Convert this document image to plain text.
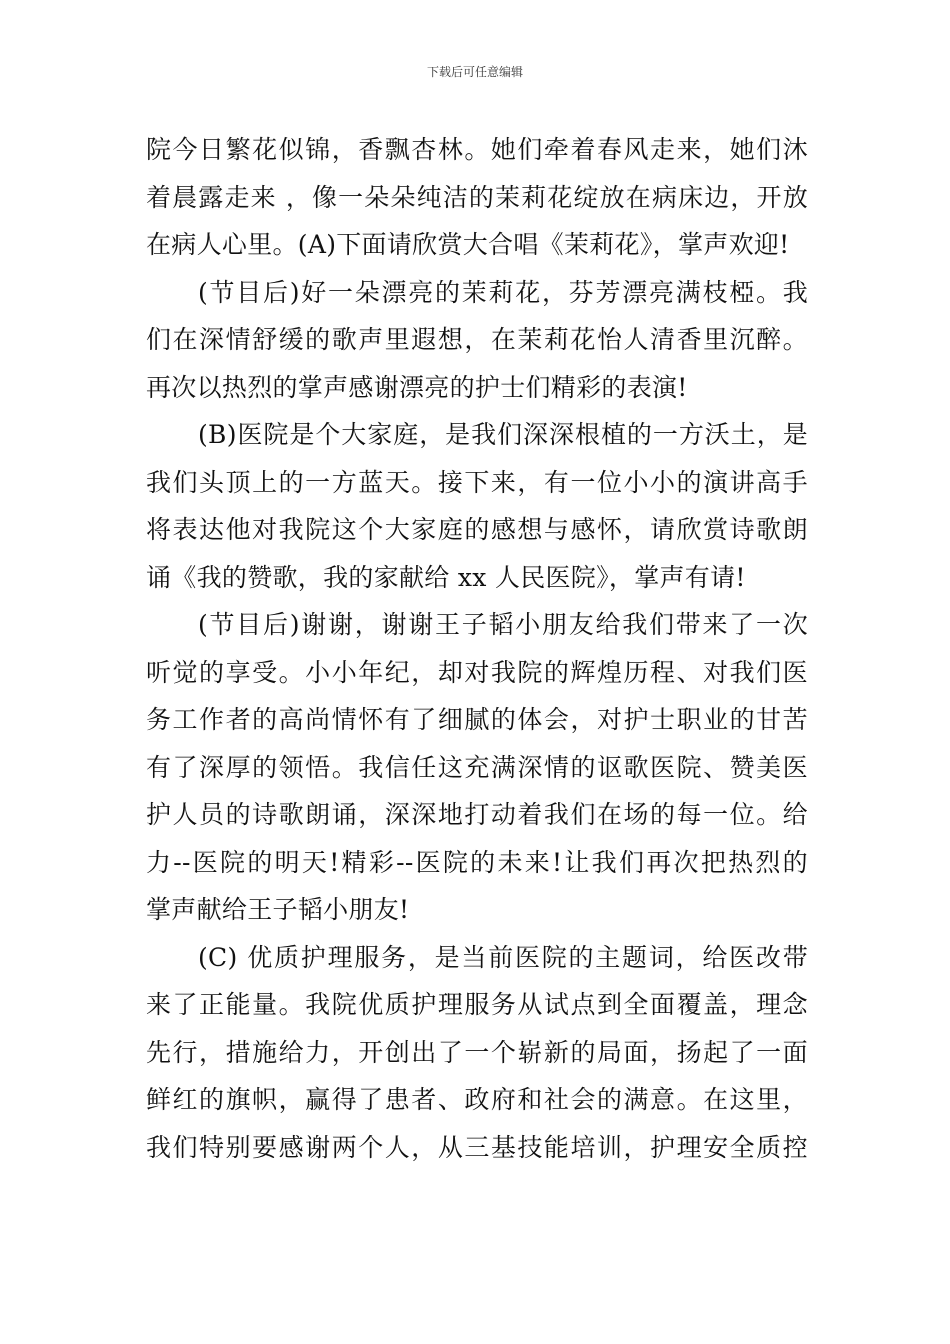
下载后可任意编辑
院今日繁花似锦，香飘杏林。她们牵着春风走来，她们沐
着晨露走来 ，像一朵朵纯洁的茉莉花绽放在病床边，开放
在病人心里。(A)下面请欣赏大合唱《茉莉花》，掌声欢迎!
(节目后)好一朵漂亮的茉莉花，芬芳漂亮满枝椏。我
们在深情舒缓的歌声里遐想，在茉莉花怡人清香里沉醉。
再次以热烈的掌声感谢漂亮的护士们精彩的表演!
(B)医院是个大家庭，是我们深深根植的一方沃土，是
我们头顶上的一方蓝天。接下来，有一位小小的演讲高手
将表达他对我院这个大家庭的感想与感怀，请欣赏诗歌朗
诵《我的赞歌，我的家献给 xx 人民医院》，掌声有请!
(节目后)谢谢，谢谢王子韬小朋友给我们带来了一次
听觉的享受。小小年纪，却对我院的辉煌历程、对我们医
务工作者的高尚情怀有了细腻的体会，对护士职业的甘苦
有了深厚的领悟。我信任这充满深情的讴歌医院、赞美医
护人员的诗歌朗诵，深深地打动着我们在场的每一位。给
力--医院的明天!精彩--医院的未来!让我们再次把热烈的
掌声献给王子韬小朋友!
(C) 优质护理服务，是当前医院的主题词，给医改带
来了正能量。我院优质护理服务从试点到全面覆盖，理念
先行，措施给力，开创出了一个崭新的局面，扬起了一面
鲜红的旗帜，赢得了患者、政府和社会的满意。在这里，
我们特别要感谢两个人，从三基技能培训，护理安全质控
